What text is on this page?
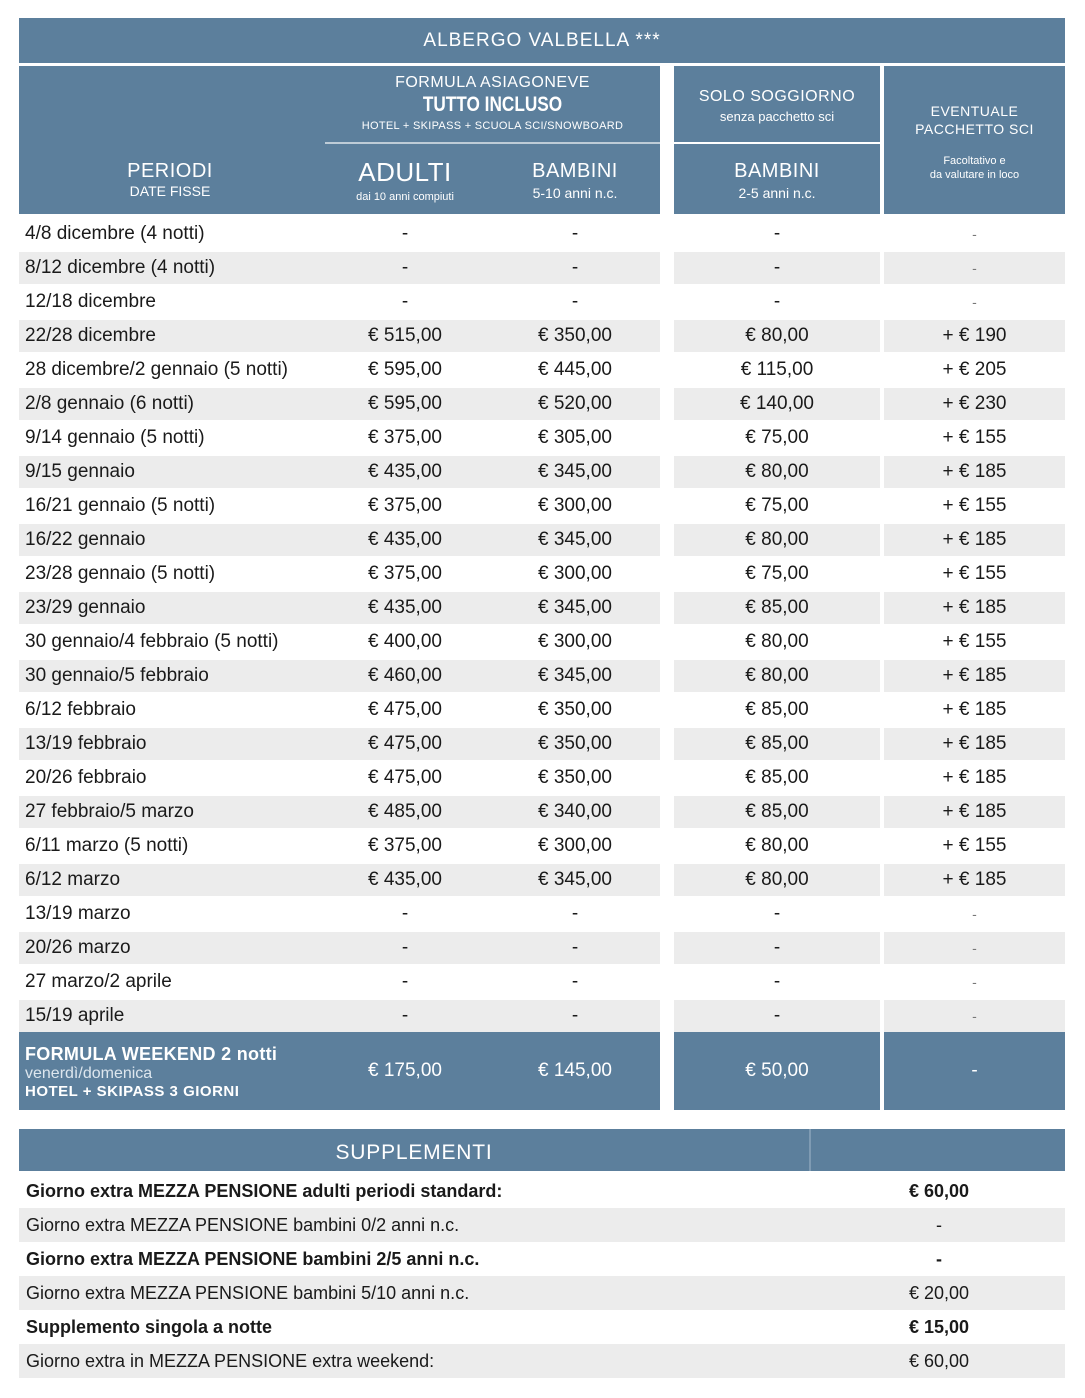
ALBERGO VALBELLA ***
FORMULA ASIAGONEVE
TUTTO INCLUSO
HOTEL + SKIPASS + SCUOLA SCI/SNOWBOARD
SOLO SOGGIORNO
senza pacchetto sci	EVENTUALE
PACCHETTO SCI
Facoltativo e
da valutare in loco
PERIODI
DATE FISSE
ADULTI
dai 10 anni compiuti
BAMBINI
5-10 anni n.c.
BAMBINI
2-5 anni n.c.
4/8 dicembre (4 notti)	-	-	-	-
8/12 dicembre (4 notti)	-	-	-	-
12/18 dicembre	-	-	-	-
22/28 dicembre	€ 515,00	€ 350,00	€ 80,00	+ € 190
28 dicembre/2 gennaio (5 notti)	€ 595,00	€ 445,00	€ 115,00	+ € 205
2/8 gennaio (6 notti)	€ 595,00	€ 520,00	€ 140,00	+ € 230
9/14 gennaio (5 notti)	€ 375,00	€ 305,00	€ 75,00	+ € 155
9/15 gennaio	€ 435,00	€ 345,00	€ 80,00	+ € 185
16/21 gennaio (5 notti)	€ 375,00	€ 300,00	€ 75,00	+ € 155
16/22 gennaio	€ 435,00	€ 345,00	€ 80,00	+ € 185
23/28 gennaio (5 notti)	€ 375,00	€ 300,00	€ 75,00	+ € 155
23/29 gennaio	€ 435,00	€ 345,00	€ 85,00	+ € 185
30 gennaio/4 febbraio (5 notti)	€ 400,00	€ 300,00	€ 80,00	+ € 155
30 gennaio/5 febbraio	€ 460,00	€ 345,00	€ 80,00	+ € 185
6/12 febbraio	€ 475,00	€ 350,00	€ 85,00	+ € 185
13/19 febbraio	€ 475,00	€ 350,00	€ 85,00	+ € 185
20/26 febbraio	€ 475,00	€ 350,00	€ 85,00	+ € 185
27 febbraio/5 marzo	€ 485,00	€ 340,00	€ 85,00	+ € 185
6/11 marzo (5 notti)	€ 375,00	€ 300,00	€ 80,00	+ € 155
6/12 marzo	€ 435,00	€ 345,00	€ 80,00	+ € 185
13/19 marzo	-	-	-	-
20/26 marzo	-	-	-	-
27 marzo/2 aprile	-	-	-	-
15/19 aprile	-	-	-	-
FORMULA WEEKEND 2 notti
venerdì/domenica
HOTEL + SKIPASS 3 GIORNI
€ 175,00	€ 145,00	€ 50,00	-
SUPPLEMENTI
Giorno extra MEZZA PENSIONE adulti periodi standard:	€ 60,00
Giorno extra MEZZA PENSIONE bambini 0/2 anni n.c.	-
Giorno extra MEZZA PENSIONE bambini 2/5 anni n.c.	-
Giorno extra MEZZA PENSIONE bambini 5/10 anni n.c.	€ 20,00
Supplemento singola a notte	€ 15,00
Giorno extra in MEZZA PENSIONE extra weekend:	€ 60,00
